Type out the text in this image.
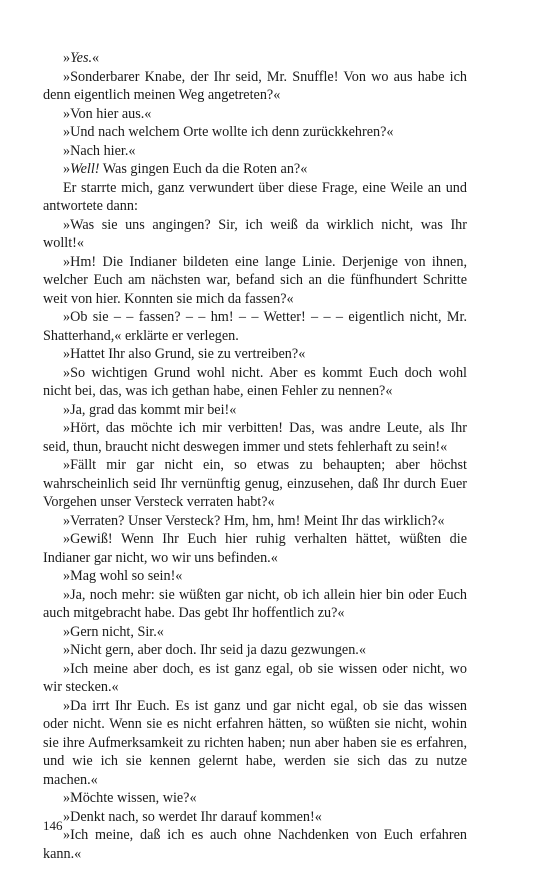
»Yes.«

»Sonderbarer Knabe, der Ihr seid, Mr. Snuffle! Von wo aus habe ich denn eigentlich meinen Weg angetreten?«

»Von hier aus.«

»Und nach welchem Orte wollte ich denn zurückkehren?«

»Nach hier.«

»Well! Was gingen Euch da die Roten an?«

Er starrte mich, ganz verwundert über diese Frage, eine Weile an und antwortete dann:

»Was sie uns angingen? Sir, ich weiß da wirklich nicht, was Ihr wollt!«

»Hm! Die Indianer bildeten eine lange Linie. Derjenige von ihnen, welcher Euch am nächsten war, befand sich an die fünfhundert Schritte weit von hier. Konnten sie mich da fassen?«

»Ob sie – – fassen? – – hm! – – Wetter! – – – eigentlich nicht, Mr. Shatterhand,« erklärte er verlegen.

»Hattet Ihr also Grund, sie zu vertreiben?«

»So wichtigen Grund wohl nicht. Aber es kommt Euch doch wohl nicht bei, das, was ich gethan habe, einen Fehler zu nennen?«

»Ja, grad das kommt mir bei!«

»Hört, das möchte ich mir verbitten! Das, was andre Leute, als Ihr seid, thun, braucht nicht deswegen immer und stets fehlerhaft zu sein!«

»Fällt mir gar nicht ein, so etwas zu behaupten; aber höchst wahrscheinlich seid Ihr vernünftig genug, einzusehen, daß Ihr durch Euer Vorgehen unser Versteck verraten habt?«

»Verraten? Unser Versteck? Hm, hm, hm! Meint Ihr das wirklich?«

»Gewiß! Wenn Ihr Euch hier ruhig verhalten hättet, wüßten die Indianer gar nicht, wo wir uns befinden.«

»Mag wohl so sein!«

»Ja, noch mehr: sie wüßten gar nicht, ob ich allein hier bin oder Euch auch mitgebracht habe. Das gebt Ihr hoffentlich zu?«

»Gern nicht, Sir.«

»Nicht gern, aber doch. Ihr seid ja dazu gezwungen.«

»Ich meine aber doch, es ist ganz egal, ob sie wissen oder nicht, wo wir stecken.«

»Da irrt Ihr Euch. Es ist ganz und gar nicht egal, ob sie das wissen oder nicht. Wenn sie es nicht erfahren hätten, so wüßten sie nicht, wohin sie ihre Aufmerksamkeit zu richten haben; nun aber haben sie es erfahren, und wie ich sie kennen gelernt habe, werden sie sich das zu nutze machen.«

»Möchte wissen, wie?«

»Denkt nach, so werdet Ihr darauf kommen!«

»Ich meine, daß ich es auch ohne Nachdenken von Euch erfahren kann.«

146
